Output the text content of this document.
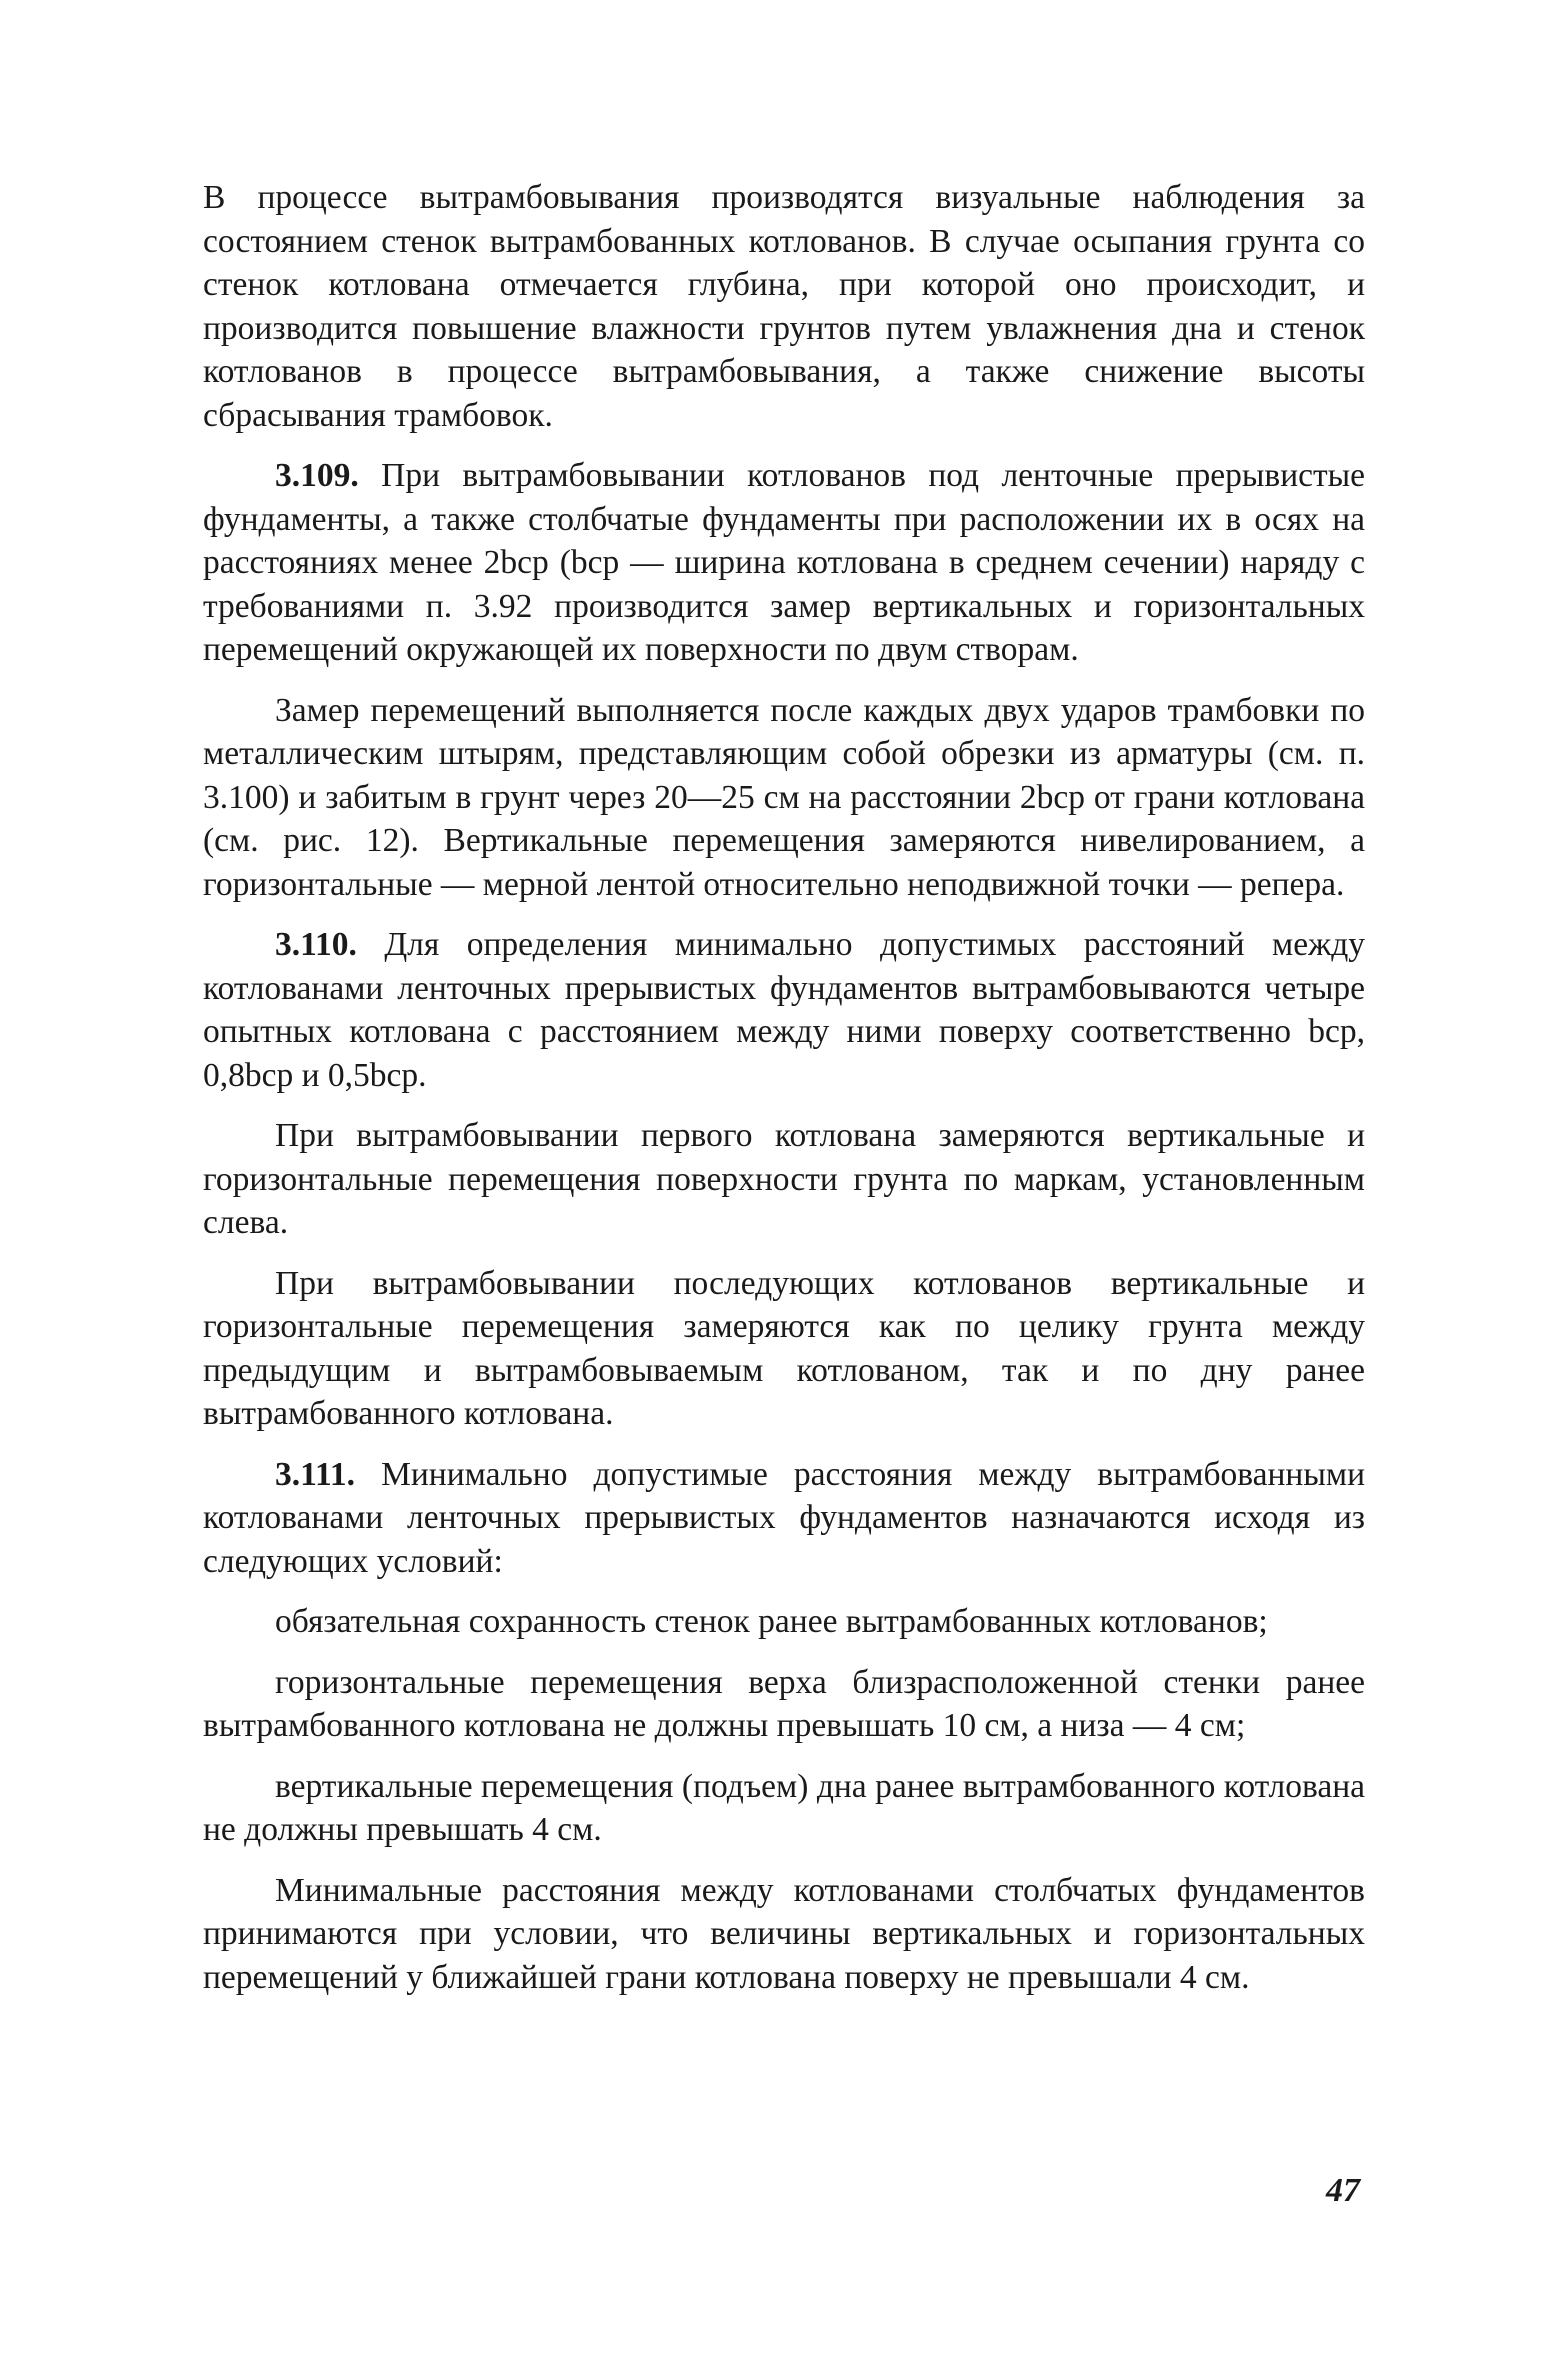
В процессе вытрамбовывания производятся визуальные наблюдения за состоянием стенок вытрамбованных котлованов. В случае осыпания грунта со стенок котлована отмечается глубина, при которой оно происходит, и производится повышение влажности грунтов путем увлажнения дна и стенок котлованов в процессе вытрамбовывания, а также снижение высоты сбрасывания трамбовок.

3.109. При вытрамбовывании котлованов под ленточные прерывистые фундаменты, а также столбчатые фундаменты при расположении их в осях на расстояниях менее 2bср (bср — ширина котлована в среднем сечении) наряду с требованиями п. 3.92 производится замер вертикальных и горизонтальных перемещений окружающей их поверхности по двум створам.

Замер перемещений выполняется после каждых двух ударов трамбовки по металлическим штырям, представляющим собой обрезки из арматуры (см. п. 3.100) и забитым в грунт через 20—25 см на расстоянии 2bср от грани котлована (см. рис. 12). Вертикальные перемещения замеряются нивелированием, а горизонтальные — мерной лентой относительно неподвижной точки — репера.

3.110. Для определения минимально допустимых расстояний между котлованами ленточных прерывистых фундаментов вытрамбовываются четыре опытных котлована с расстоянием между ними поверху соответственно bср, 0,8bср и 0,5bср.

При вытрамбовывании первого котлована замеряются вертикальные и горизонтальные перемещения поверхности грунта по маркам, установленным слева.

При вытрамбовывании последующих котлованов вертикальные и горизонтальные перемещения замеряются как по целику грунта между предыдущим и вытрамбовываемым котлованом, так и по дну ранее вытрамбованного котлована.

3.111. Минимально допустимые расстояния между вытрамбованными котлованами ленточных прерывистых фундаментов назначаются исходя из следующих условий:

обязательная сохранность стенок ранее вытрамбованных котлованов;

горизонтальные перемещения верха близрасположенной стенки ранее вытрамбованного котлована не должны превышать 10 см, а низа — 4 см;

вертикальные перемещения (подъем) дна ранее вытрамбованного котлована не должны превышать 4 см.

Минимальные расстояния между котлованами столбчатых фундаментов принимаются при условии, что величины вертикальных и горизонтальных перемещений у ближайшей грани котлована поверху не превышали 4 см.

47
